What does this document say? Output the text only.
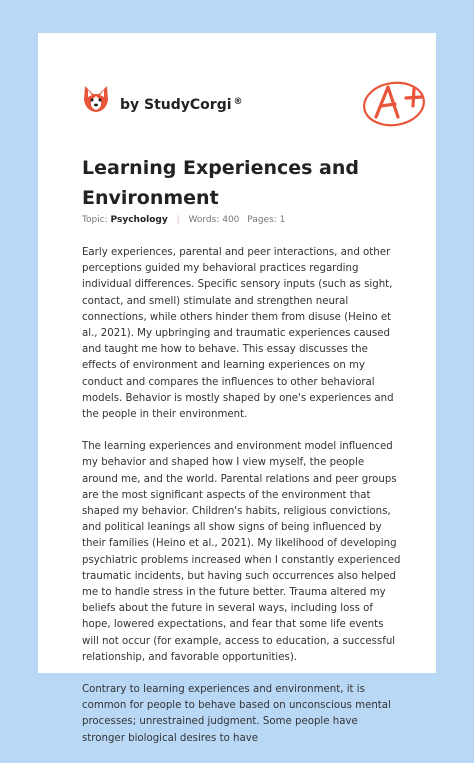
by StudyCorgi ®
Learning Experiences and Environment
Topic: Psychology | Words: 400 Pages: 1

Early experiences, parental and peer interactions, and other perceptions guided my behavioral practices regarding individual differences. Specific sensory inputs (such as sight, contact, and smell) stimulate and strengthen neural connections, while others hinder them from disuse (Heino et al., 2021). My upbringing and traumatic experiences caused and taught me how to behave. This essay discusses the effects of environment and learning experiences on my conduct and compares the influences to other behavioral models. Behavior is mostly shaped by one's experiences and the people in their environment.

The learning experiences and environment model influenced my behavior and shaped how I view myself, the people around me, and the world. Parental relations and peer groups are the most significant aspects of the environment that shaped my behavior. Children's habits, religious convictions, and political leanings all show signs of being influenced by their families (Heino et al., 2021). My likelihood of developing psychiatric problems increased when I constantly experienced traumatic incidents, but having such occurrences also helped me to handle stress in the future better. Trauma altered my beliefs about the future in several ways, including loss of hope, lowered expectations, and fear that some life events will not occur (for example, access to education, a successful relationship, and favorable opportunities).

Contrary to learning experiences and environment, it is common for people to behave based on unconscious mental processes; unrestrained judgment. Some people have stronger biological desires to have
